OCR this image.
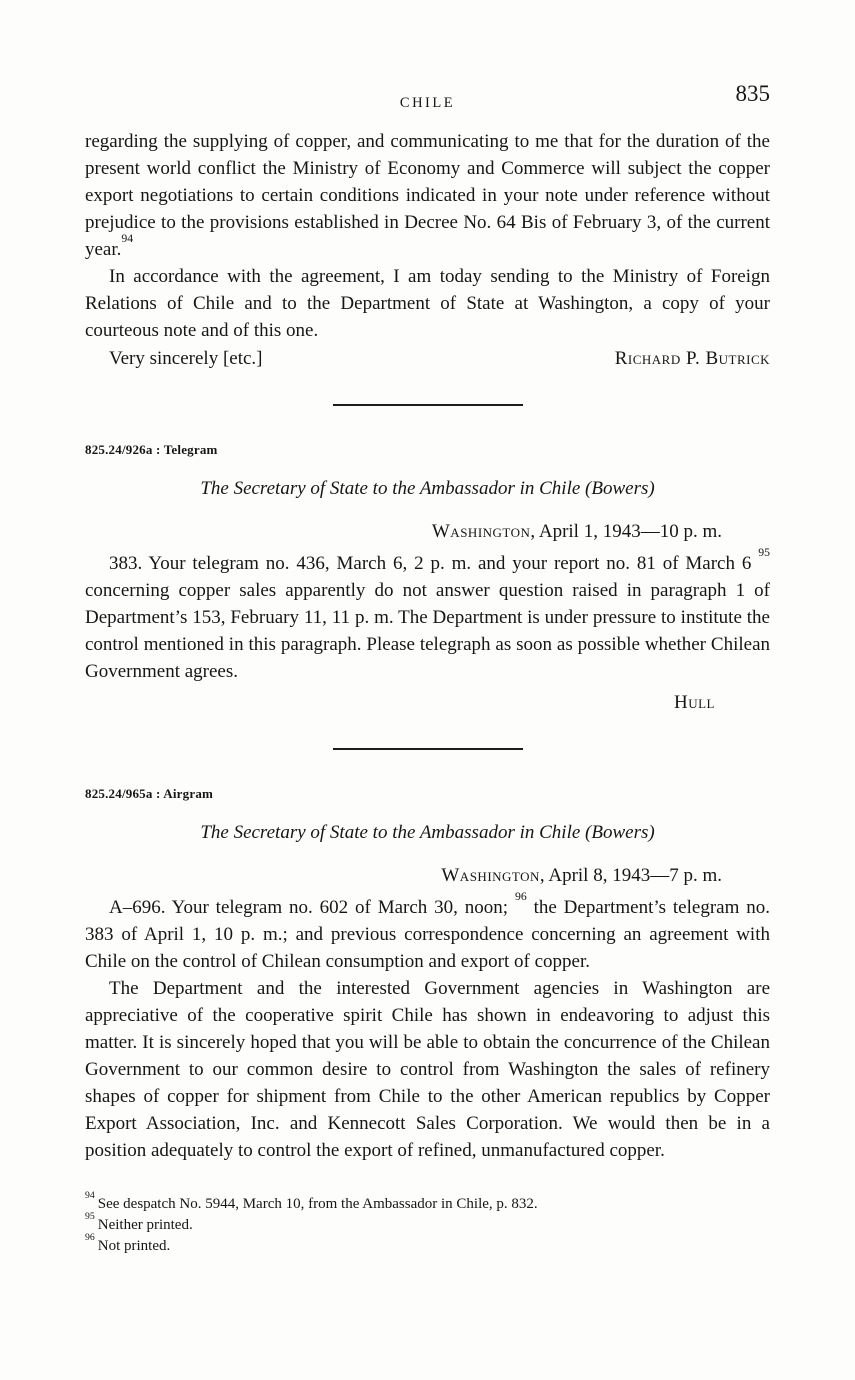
CHILE	835

regarding the supplying of copper, and communicating to me that for the duration of the present world conflict the Ministry of Economy and Commerce will subject the copper export negotiations to certain conditions indicated in your note under reference without prejudice to the provisions established in Decree No. 64 Bis of February 3, of the current year.$^{94}$

In accordance with the agreement, I am today sending to the Ministry of Foreign Relations of Chile and to the Department of State at Washington, a copy of your courteous note and of this one.

Very sincerely [etc.]	Richard P. Butrick

825.24/926a : Telegram

The Secretary of State to the Ambassador in Chile (Bowers)

Washington, April 1, 1943—10 p. m.

383. Your telegram no. 436, March 6, 2 p. m. and your report no. 81 of March 6 $^{95}$ concerning copper sales apparently do not answer question raised in paragraph 1 of Department’s 153, February 11, 11 p. m. The Department is under pressure to institute the control mentioned in this paragraph. Please telegraph as soon as possible whether Chilean Government agrees.

Hull

825.24/965a : Airgram

The Secretary of State to the Ambassador in Chile (Bowers)

Washington, April 8, 1943—7 p. m.

A–696. Your telegram no. 602 of March 30, noon; $^{96}$ the Department’s telegram no. 383 of April 1, 10 p. m.; and previous correspondence concerning an agreement with Chile on the control of Chilean consumption and export of copper.

The Department and the interested Government agencies in Washington are appreciative of the cooperative spirit Chile has shown in endeavoring to adjust this matter. It is sincerely hoped that you will be able to obtain the concurrence of the Chilean Government to our common desire to control from Washington the sales of refinery shapes of copper for shipment from Chile to the other American republics by Copper Export Association, Inc. and Kennecott Sales Corporation. We would then be in a position adequately to control the export of refined, unmanufactured copper.

$^{94}$See despatch No. 5944, March 10, from the Ambassador in Chile, p. 832.
$^{95}$Neither printed.
$^{96}$Not printed.
